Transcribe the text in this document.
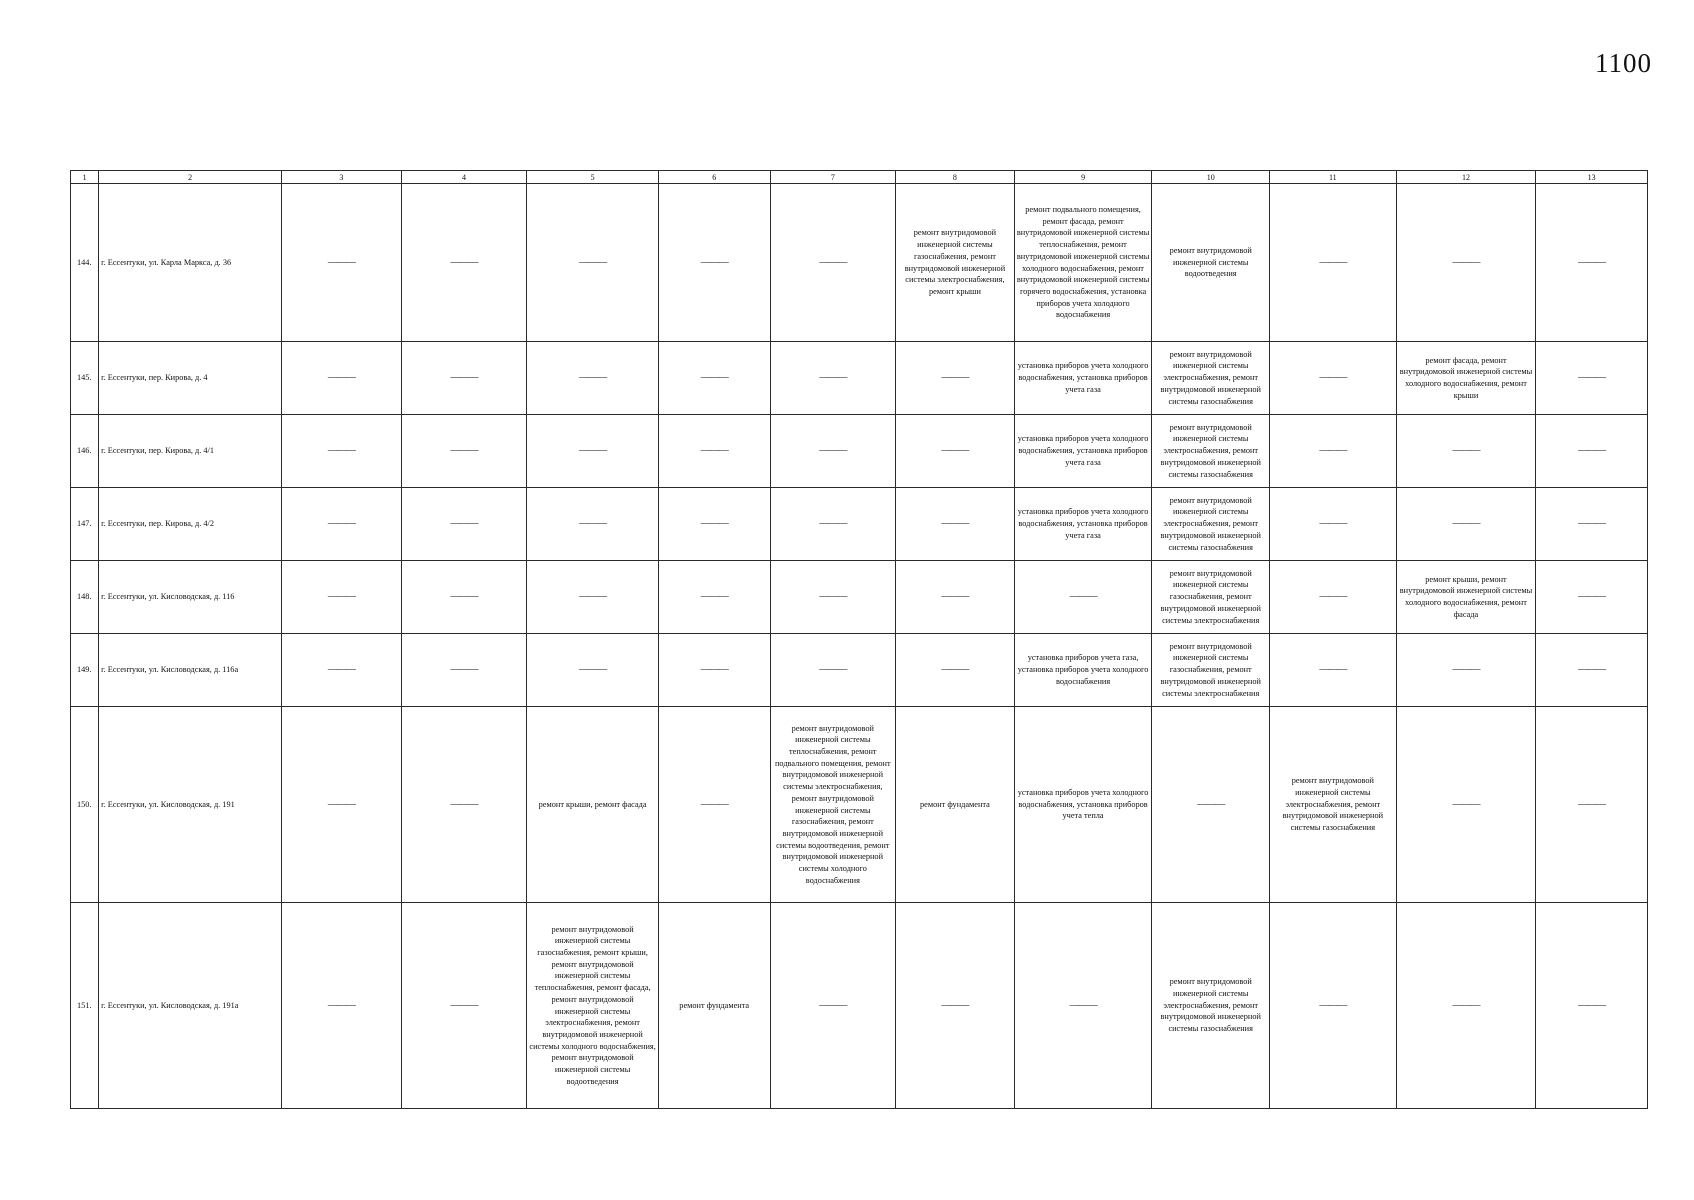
1100
1	2	3	4	5	6	7	8	9	10	11	12	13
144.	г. Ессентуки, ул. Карла Маркса, д. 36	———	———	———	———	———	ремонт внутридомовой инженерной системы газоснабжения, ремонт внутридомовой инженерной системы электроснабжения, ремонт крыши	ремонт подвального помещения, ремонт фасада, ремонт внутридомовой инженерной системы теплоснабжения, ремонт внутридомовой инженерной системы холодного водоснабжения, ремонт внутридомовой инженерной системы горячего водоснабжения, установка приборов учета холодного водоснабжения	ремонт внутридомовой инженерной системы водоотведения	———	———	———
145.	г. Ессентуки, пер. Кирова, д. 4	———	———	———	———	———	———	установка приборов учета холодного водоснабжения, установка приборов учета газа	ремонт внутридомовой инженерной системы электроснабжения, ремонт внутридомовой инженерной системы газоснабжения	———	ремонт фасада, ремонт внутридомовой инженерной системы холодного водоснабжения, ремонт крыши	———
146.	г. Ессентуки, пер. Кирова, д. 4/1	———	———	———	———	———	———	установка приборов учета холодного водоснабжения, установка приборов учета газа	ремонт внутридомовой инженерной системы электроснабжения, ремонт внутридомовой инженерной системы газоснабжения	———	———	———
147.	г. Ессентуки, пер. Кирова, д. 4/2	———	———	———	———	———	———	установка приборов учета холодного водоснабжения, установка приборов учета газа	ремонт внутридомовой инженерной системы электроснабжения, ремонт внутридомовой инженерной системы газоснабжения	———	———	———
148.	г. Ессентуки, ул. Кисловодская, д. 116	———	———	———	———	———	———	———	ремонт внутридомовой инженерной системы газоснабжения, ремонт внутридомовой инженерной системы электроснабжения	———	ремонт крыши, ремонт внутридомовой инженерной системы холодного водоснабжения, ремонт фасада	———
149.	г. Ессентуки, ул. Кисловодская, д. 116а	———	———	———	———	———	———	установка приборов учета газа, установка приборов учета холодного водоснабжения	ремонт внутридомовой инженерной системы газоснабжения, ремонт внутридомовой инженерной системы электроснабжения	———	———	———
150.	г. Ессентуки, ул. Кисловодская, д. 191	———	———	ремонт крыши, ремонт фасада	———	ремонт внутридомовой инженерной системы теплоснабжения, ремонт подвального помещения, ремонт внутридомовой инженерной системы электроснабжения, ремонт внутридомовой инженерной системы газоснабжения, ремонт внутридомовой инженерной системы водоотведения, ремонт внутридомовой инженерной системы холодного водоснабжения	ремонт фундамента	установка приборов учета холодного водоснабжения, установка приборов учета тепла	———	ремонт внутридомовой инженерной системы электроснабжения, ремонт внутридомовой инженерной системы газоснабжения	———	———
151.	г. Ессентуки, ул. Кисловодская, д. 191а	———	———	ремонт внутридомовой инженерной системы газоснабжения, ремонт крыши, ремонт внутридомовой инженерной системы теплоснабжения, ремонт фасада, ремонт внутридомовой инженерной системы электроснабжения, ремонт внутридомовой инженерной системы холодного водоснабжения, ремонт внутридомовой инженерной системы водоотведения	ремонт фундамента	———	———	———	ремонт внутридомовой инженерной системы электроснабжения, ремонт внутридомовой инженерной системы газоснабжения	———	———	———
